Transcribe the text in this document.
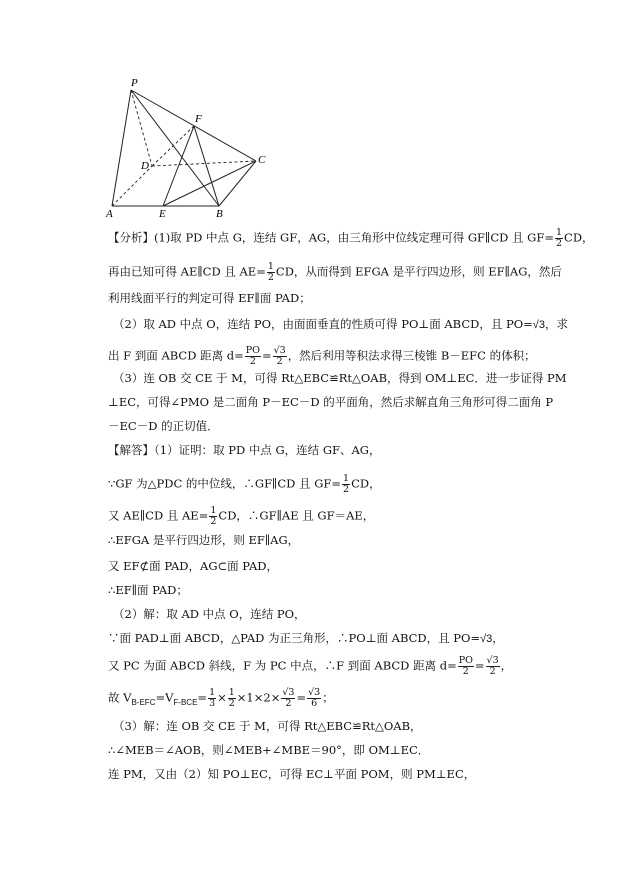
P
F
C
D
A	E	B
【分析】(1)取 PD 中点 G，连结 GF，AG，由三角形中位线定理可得 GF∥CD 且 $GF= \frac{1}{2}$ CD，
再由已知可得 AE∥CD 且 $AE= \frac{1}{2}$ CD，从而得到 EFGA 是平行四边形，则 EF∥AG，然后
利用线面平行的判定可得 EF∥面 PAD；
（2）取 AD 中点 O，连结 PO，由面面垂直的性质可得 PO⊥面 ABCD，且 PO=√3，求
出 F 到面 ABCD 距离 $d= \frac{PO}{2} = \frac{√3}{2}$ ，然后利用等积法求得三棱锥 B－EFC 的体积；
（3）连 OB 交 CE 于 M，可得 Rt△EBC≌Rt△OAB，得到 OM⊥EC．进一步证得 PM
⊥EC，可得∠PMO 是二面角 P－EC－D 的平面角，然后求解直角三角形可得二面角 P
－EC－D 的正切值．
【解答】（1）证明：取 PD 中点 G，连结 GF、AG，
∵GF 为△PDC 的中位线，∴GF∥CD 且 $GF= \frac{1}{2}$ CD，
又 AE∥CD 且 $AE= \frac{1}{2}$ CD，∴GF∥AE 且 GF＝AE，
∴EFGA 是平行四边形，则 EF∥AG，
又 EF⊄面 PAD，AG⊂面 PAD，
∴EF∥面 PAD；
（2）解：取 AD 中点 O，连结 PO，
∵面 PAD⊥面 ABCD，△PAD 为正三角形，∴PO⊥面 ABCD，且 PO=√3，
又 PC 为面 ABCD 斜线，F 为 PC 中点，∴F 到面 ABCD 距离 $d= \frac{PO}{2} = \frac{√3}{2}$ ，
故 $V_{B-EFC}=V_{F-BCE}= \frac{1}{3} \times \frac{1}{2} \times 1\times 2\times \frac{√3}{2} = \frac{√3}{6}$ ；
（3）解：连 OB 交 CE 于 M，可得 Rt△EBC≌Rt△OAB，
∴∠MEB＝∠AOB，则∠MEB+∠MBE＝90°，即 OM⊥EC．
连 PM，又由（2）知 PO⊥EC，可得 EC⊥平面 POM，则 PM⊥EC，
